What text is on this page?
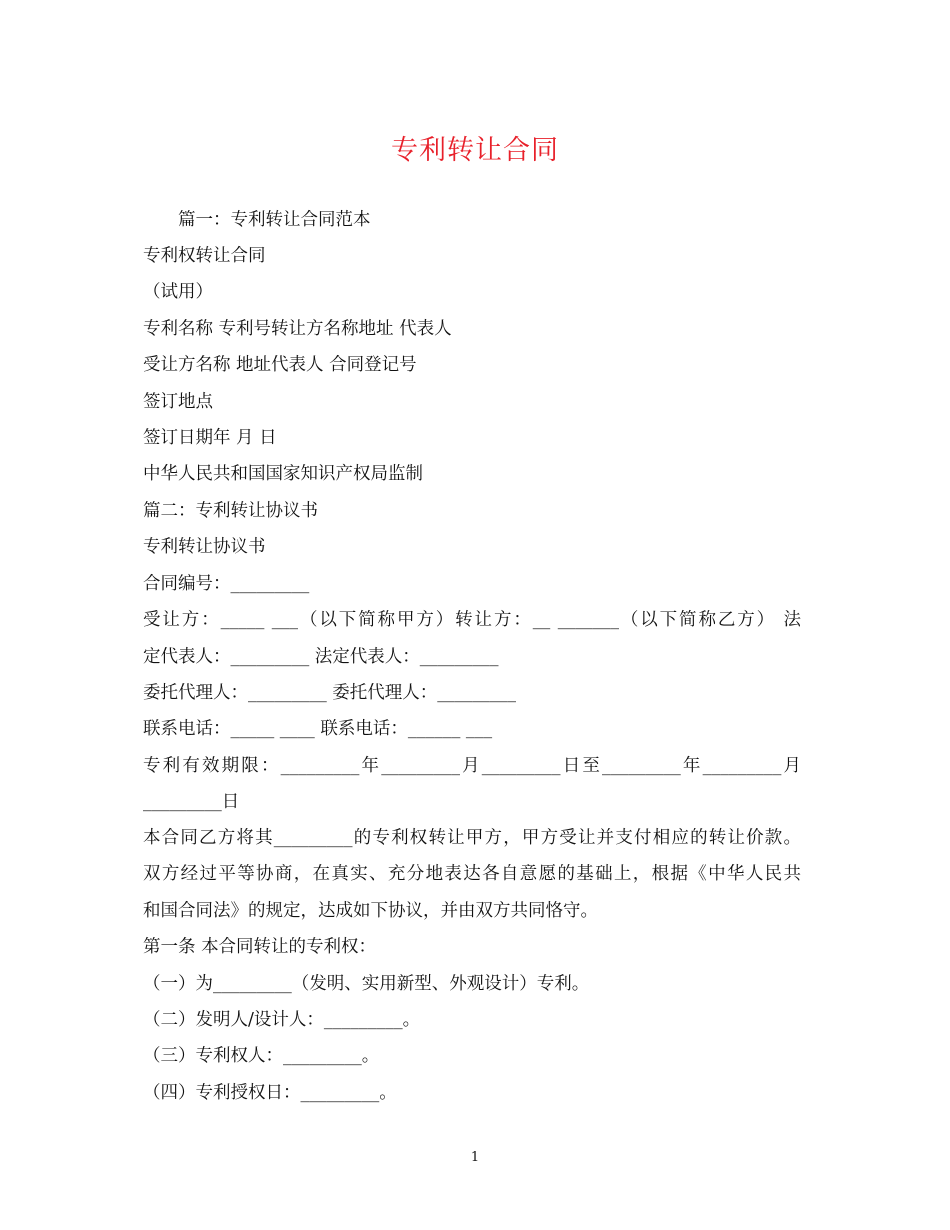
专利转让合同
篇一：专利转让合同范本
专利权转让合同
（试用）
专利名称 专利号转让方名称地址 代表人
受让方名称 地址代表人 合同登记号
签订地点
签订日期年 月 日
中华人民共和国国家知识产权局监制
篇二：专利转让协议书
专利转让协议书
合同编号：_________
受让方：_____ ___（以下简称甲方）转让方：__ _______（以下简称乙方） 法
定代表人：_________ 法定代表人：_________
委托代理人：_________ 委托代理人：_________
联系电话：_____ ____ 联系电话：______ ___
专利有效期限：_________年_________月_________日至_________年_________月
_________日
本合同乙方将其_________的专利权转让甲方，甲方受让并支付相应的转让价款。
双方经过平等协商，在真实、充分地表达各自意愿的基础上，根据《中华人民共
和国合同法》的规定，达成如下协议，并由双方共同恪守。
第一条 本合同转让的专利权：
（一）为_________（发明、实用新型、外观设计）专利。
（二）发明人/设计人：_________。
（三）专利权人：_________。
（四）专利授权日：_________。
1
